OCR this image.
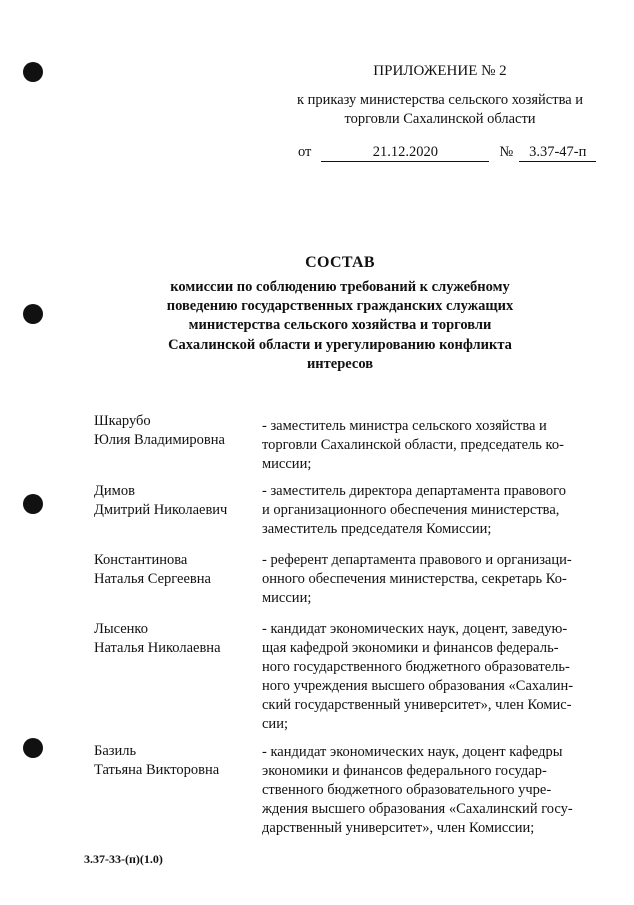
ПРИЛОЖЕНИЕ № 2
к приказу министерства сельского хозяйства и
торговли Сахалинской области
от	21.12.2020	№ 3.37-47-п
СОСТАВ
комиссии по соблюдению требований к служебному
поведению государственных гражданских служащих
министерства сельского хозяйства и торговли
Сахалинской области и урегулированию конфликта
интересов
Шкарубо
Юлия Владимировна
- заместитель министра сельского хозяйства и
торговли Сахалинской области, председатель ко-
миссии;
Димов
Дмитрий Николаевич
- заместитель директора департамента правового
и организационного обеспечения министерства,
заместитель председателя Комиссии;
Константинова
Наталья Сергеевна
- референт департамента правового и организаци-
онного обеспечения министерства, секретарь Ко-
миссии;
Лысенко
Наталья Николаевна
- кандидат экономических наук, доцент, заведую-
щая кафедрой экономики и финансов федераль-
ного государственного бюджетного образователь-
ного учреждения высшего образования «Сахалин-
ский государственный университет», член Комис-
сии;
Базиль
Татьяна Викторовна
- кандидат экономических наук, доцент кафедры
экономики и финансов федерального государ-
ственного бюджетного образовательного учре-
ждения высшего образования «Сахалинский госу-
дарственный университет», член Комиссии;
3.37-33-(п)(1.0)
